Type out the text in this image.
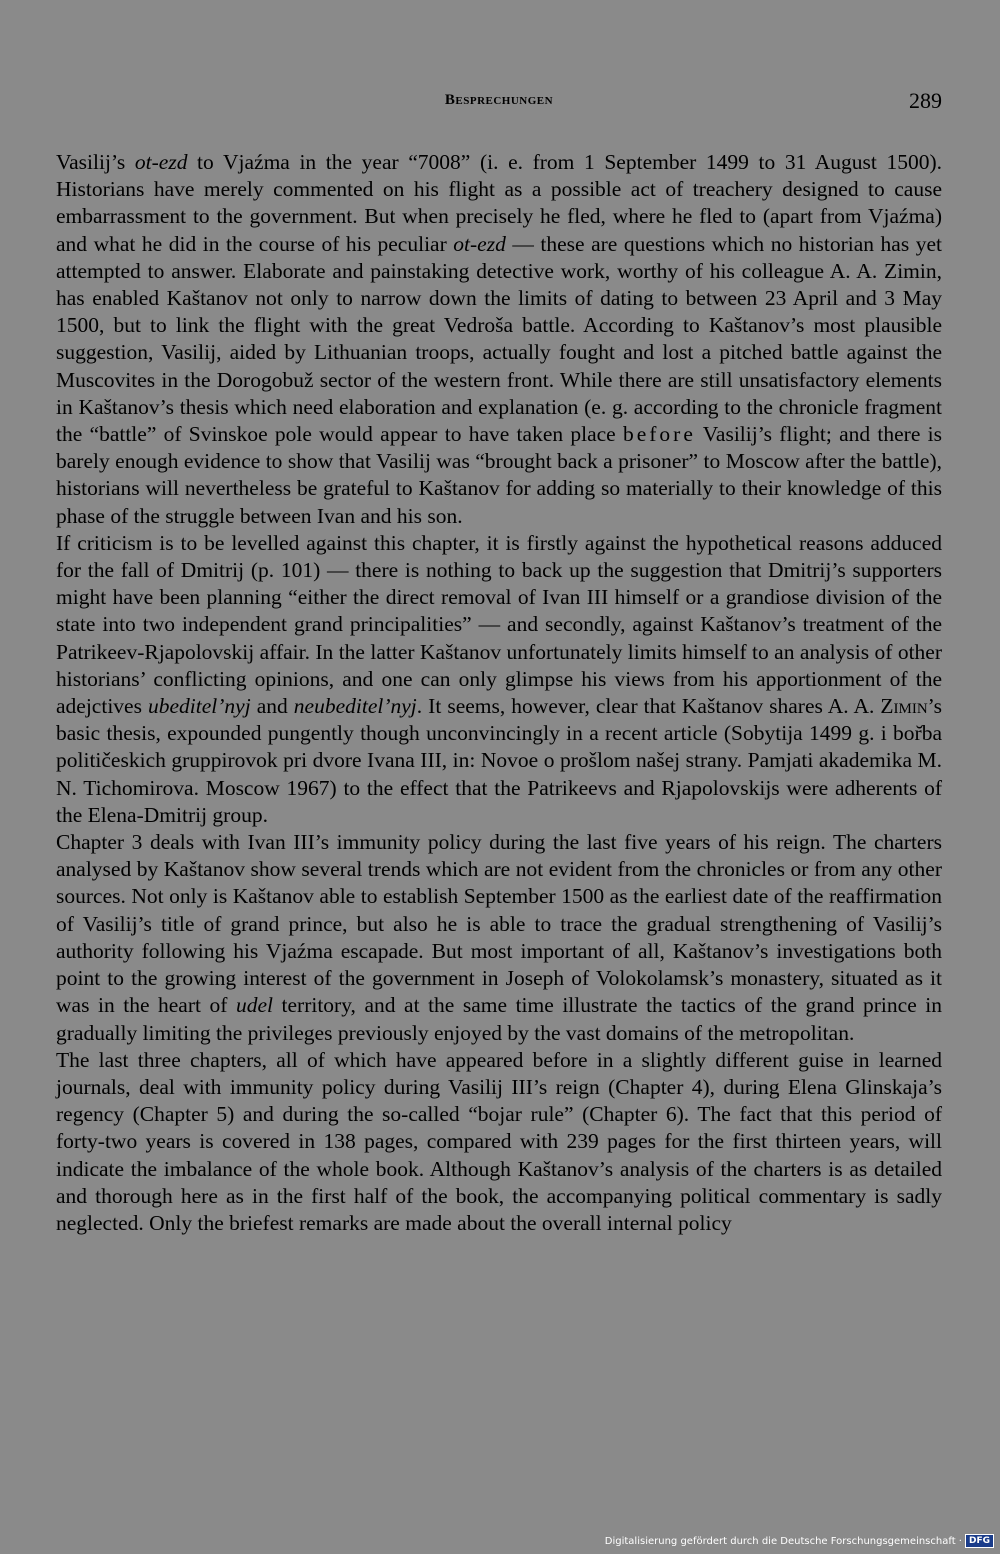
Besprechungen	289

Vasilij’s ot-ezd to Vjaźma in the year “7008” (i. e. from 1 September 1499 to 31 August 1500). Historians have merely commented on his flight as a possible act of treachery designed to cause embarrassment to the government. But when precisely he fled, where he fled to (apart from Vjaźma) and what he did in the course of his peculiar ot-ezd — these are questions which no historian has yet attempted to answer. Elaborate and painstaking detective work, worthy of his colleague A. A. Zimin, has enabled Kaštanov not only to narrow down the limits of dating to between 23 April and 3 May 1500, but to link the flight with the great Vedroša battle. According to Kaštanov’s most plausible suggestion, Vasilij, aided by Lithuanian troops, actually fought and lost a pitched battle against the Muscovites in the Dorogobuž sector of the western front. While there are still unsatisfactory elements in Kaštanov’s thesis which need elaboration and explanation (e. g. according to the chronicle fragment the “battle” of Svinskoe pole would appear to have taken place before Vasilij’s flight; and there is barely enough evidence to show that Vasilij was “brought back a prisoner” to Moscow after the battle), historians will nevertheless be grateful to Kaštanov for adding so materially to their knowledge of this phase of the struggle between Ivan and his son.

If criticism is to be levelled against this chapter, it is firstly against the hypothetical reasons adduced for the fall of Dmitrij (p. 101) — there is nothing to back up the suggestion that Dmitrij’s supporters might have been planning “either the direct removal of Ivan III himself or a grandiose division of the state into two independent grand principalities” — and secondly, against Kaštanov’s treatment of the Patrikeev-Rjapolovskij affair. In the latter Kaštanov unfortunately limits himself to an analysis of other historians’ conflicting opinions, and one can only glimpse his views from his apportionment of the adejctives ubeditel’nyj and neubeditel’nyj. It seems, however, clear that Kaštanov shares A. A. Zimin’s basic thesis, expounded pungently though unconvincingly in a recent article (Sobytija 1499 g. i bor̆ba političeskich gruppirovok pri dvore Ivana III, in: Novoe o prošlom našej strany. Pamjati akademika M. N. Tichomirova. Moscow 1967) to the effect that the Patrikeevs and Rjapolovskijs were adherents of the Elena-Dmitrij group.

Chapter 3 deals with Ivan III’s immunity policy during the last five years of his reign. The charters analysed by Kaštanov show several trends which are not evident from the chronicles or from any other sources. Not only is Kaštanov able to establish September 1500 as the earliest date of the reaffirmation of Vasilij’s title of grand prince, but also he is able to trace the gradual strengthening of Vasilij’s authority following his Vjaźma escapade. But most important of all, Kaštanov’s investigations both point to the growing interest of the government in Joseph of Volokolamsk’s monastery, situated as it was in the heart of udel territory, and at the same time illustrate the tactics of the grand prince in gradually limiting the privileges previously enjoyed by the vast domains of the metropolitan.

The last three chapters, all of which have appeared before in a slightly different guise in learned journals, deal with immunity policy during Vasilij III’s reign (Chapter 4), during Elena Glinskaja’s regency (Chapter 5) and during the so-called “bojar rule” (Chapter 6). The fact that this period of forty-two years is covered in 138 pages, compared with 239 pages for the first thirteen years, will indicate the imbalance of the whole book. Although Kaštanov’s analysis of the charters is as detailed and thorough here as in the first half of the book, the accompanying political commentary is sadly neglected. Only the briefest remarks are made about the overall internal policy

Digitalisierung gefördert durch die Deutsche Forschungsgemeinschaft · DFG
